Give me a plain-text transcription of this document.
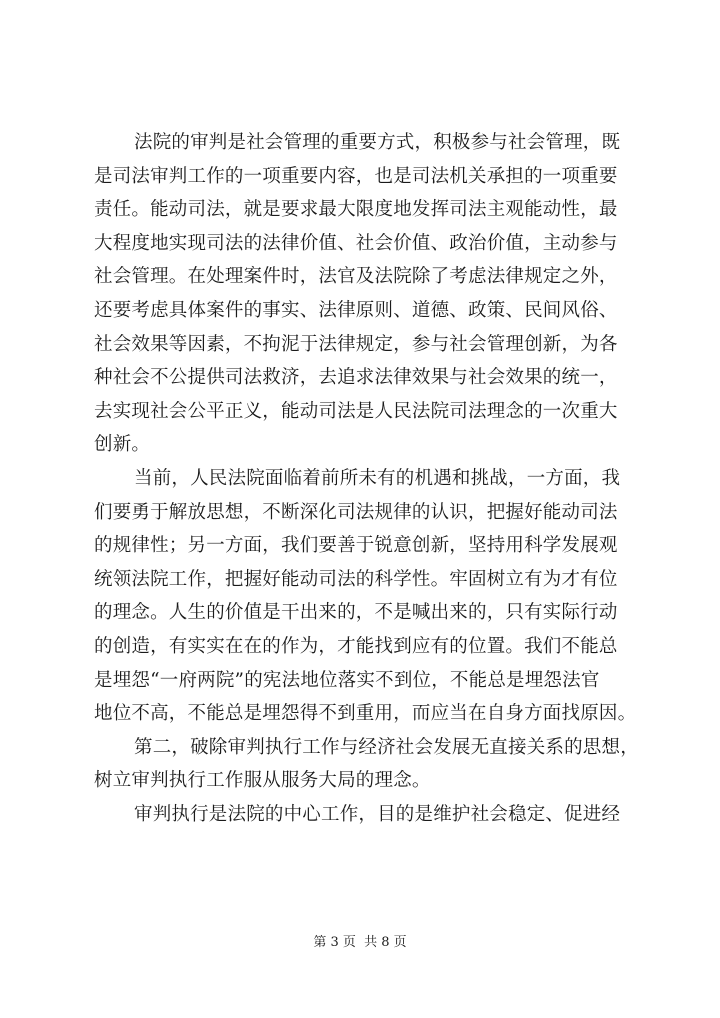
法院的审判是社会管理的重要方式，积极参与社会管理，既
是司法审判工作的一项重要内容，也是司法机关承担的一项重要
责任。能动司法，就是要求最大限度地发挥司法主观能动性，最
大程度地实现司法的法律价值、社会价值、政治价值，主动参与
社会管理。在处理案件时，法官及法院除了考虑法律规定之外，
还要考虑具体案件的事实、法律原则、道德、政策、民间风俗、
社会效果等因素，不拘泥于法律规定，参与社会管理创新，为各
种社会不公提供司法救济，去追求法律效果与社会效果的统一，
去实现社会公平正义，能动司法是人民法院司法理念的一次重大
创新。
当前，人民法院面临着前所未有的机遇和挑战，一方面，我
们要勇于解放思想，不断深化司法规律的认识，把握好能动司法
的规律性；另一方面，我们要善于锐意创新，坚持用科学发展观
统领法院工作，把握好能动司法的科学性。牢固树立有为才有位
的理念。人生的价值是干出来的，不是喊出来的，只有实际行动
的创造，有实实在在的作为，才能找到应有的位置。我们不能总
是埋怨“一府两院”的宪法地位落实不到位，不能总是埋怨法官
地位不高，不能总是埋怨得不到重用，而应当在自身方面找原因。
第二，破除审判执行工作与经济社会发展无直接关系的思想，
树立审判执行工作服从服务大局的理念。
审判执行是法院的中心工作，目的是维护社会稳定、促进经
第 3 页 共 8 页
